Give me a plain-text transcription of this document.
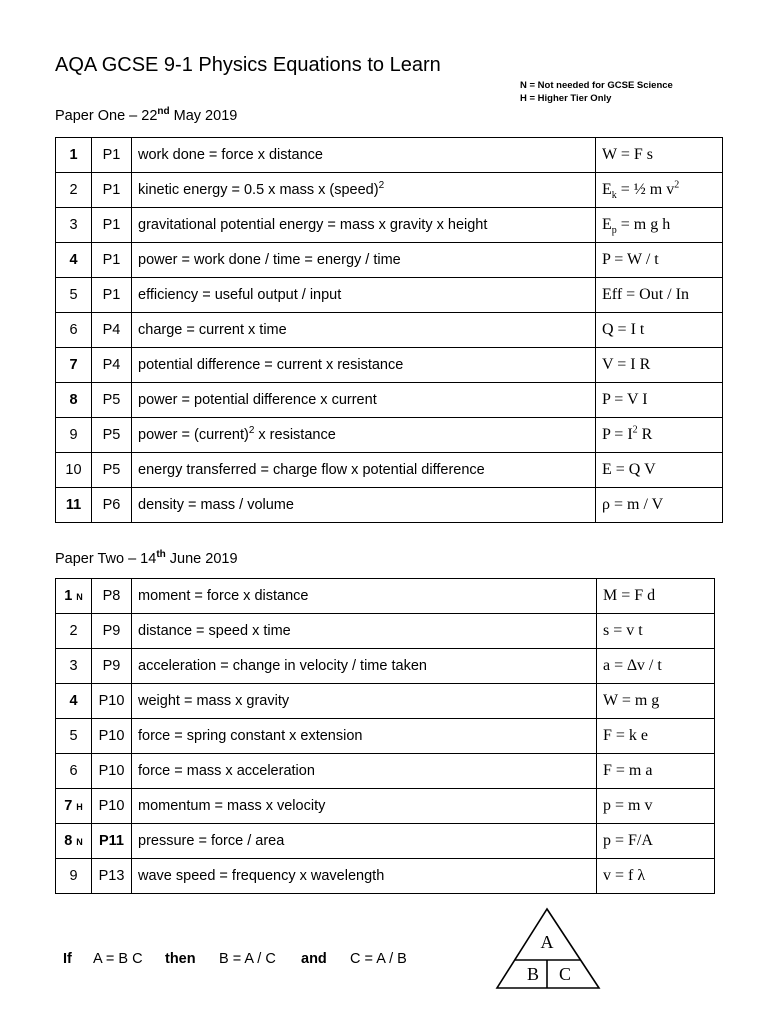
AQA GCSE 9-1 Physics Equations to Learn
N = Not needed for GCSE Science
H = Higher Tier Only
Paper One – 22nd May 2019
1	P1	work done = force x distance	W = F s
2	P1	kinetic energy = 0.5 x mass x (speed)$^2$	$E_k$ = ½ m $v^2$
3	P1	gravitational potential energy = mass x gravity x height	$E_p = m$ g h
4	P1	power = work done / time = energy / time	P = W / t
5	P1	efficiency = useful output / input	Eff = Out / In
6	P4	charge = current x time	Q = I t
7	P4	potential difference = current x resistance	V = I R
8	P5	power = potential difference x current	P = V I
9	P5	power = (current)$^2$ x resistance	$P = I^2$ R
10	P5	energy transferred = charge flow x potential difference	E = Q V
11	P6	density = mass / volume	ρ = m / V
Paper Two – 14th June 2019
1 N	P8	moment = force x distance	M = F d
2	P9	distance = speed x time	s = v t
3	P9	acceleration = change in velocity / time taken	a = ∆v / t
4	P10	weight = mass x gravity	W = m g
5	P10	force = spring constant x extension	F = k e
6	P10	force = mass x acceleration	F = m a
7 H	P10	momentum = mass x velocity	p = m v
8 N	P11	pressure = force / area	p = F/A
9	P13	wave speed = frequency x wavelength	v = f λ
If A = B C then B = A / C and C = A / B
A
B C
